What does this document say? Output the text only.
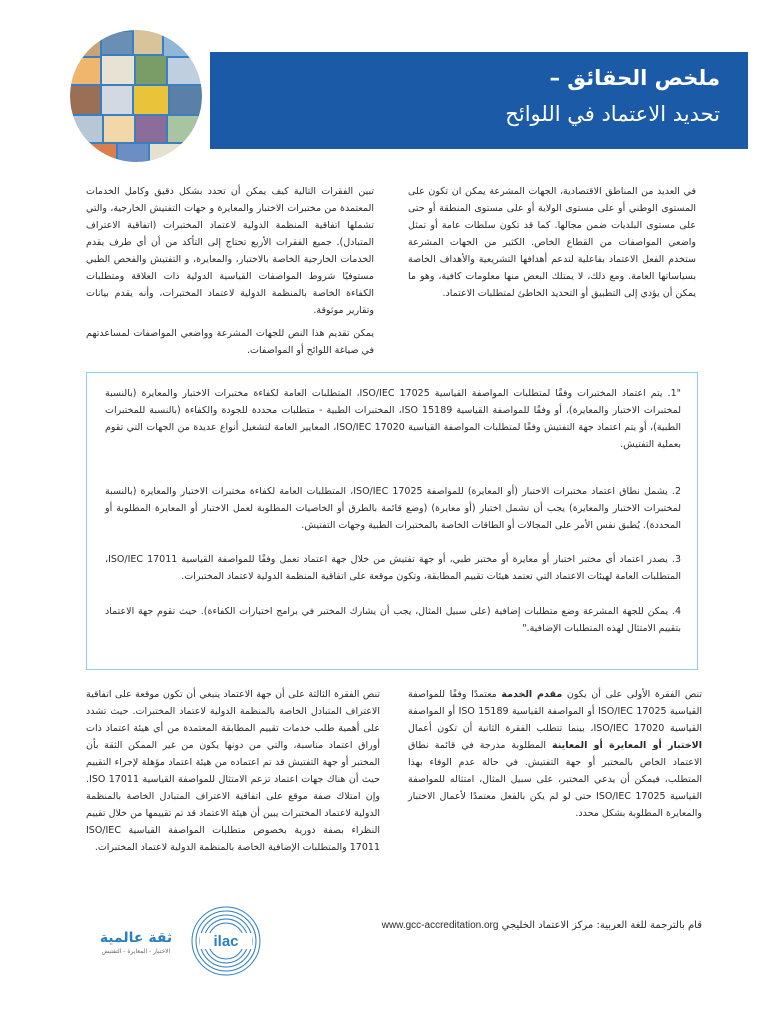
ملخص الحقائق –
تحديد الاعتماد في اللوائح

في العديد من المناطق الاقتصادية، الجهات المشرعة يمكن ان تكون على المستوى الوطني أو على مستوى الولاية أو على مستوى المنطقة أو حتى على مستوى البلديات ضمن مجالها. كما قد تكون سلطات عامة أو تمثل واضعي المواصفات من القطاع الخاص. الكثير من الجهات المشرعة ستخدم الفعل الاعتماد بفاعلية لتدعم أهدافها التشريعية والأهداف الخاصة بسياساتها العامة. ومع ذلك، لا يمتلك البعض منها معلومات كافية، وهو ما يمكن أن يؤدي إلى التطبيق أو التحديد الخاطئ لمتطلبات الاعتماد.

تبين الفقرات التالية كيف يمكن أن تحدد بشكل دقيق وكامل الخدمات المعتمدة من مختبرات الاختبار والمعايرة و جهات التفتيش الخارجية، والتي تشملها اتفاقية المنظمة الدولية لاعتماد المختبرات (اتفاقية الاعتراف المتبادل). جميع الفقرات الأربع تحتاج إلى التأكد من أن أي طرف يقدم الخدمات الخارجية الخاصة بالاختبار، والمعايرة، و التفتيش والفحص الطبي مستوفيًا شروط المواصفات القياسية الدولية ذات العلاقة ومتطلبات الكفاءة الخاصة بالمنظمة الدولية لاعتماد المختبرات، وأنه يقدم بيانات وتقارير موثوقة.

يمكن تقديم هذا النص للجهات المشرعة وواضعي المواصفات لمساعدتهم في صياغة اللوائح أو المواصفات.

"1. يتم اعتماد المختبرات وفقًا لمتطلبات المواصفة القياسية ISO/IEC 17025، المتطلبات العامة لكفاءة مختبرات الاختبار والمعايرة (بالنسبة لمختبرات الاختبار والمعايرة)، أو وفقًا للمواصفة القياسية ISO 15189، المختبرات الطبية - متطلبات محددة للجودة والكفاءة (بالنسبة للمختبرات الطبية)، أو يتم اعتماد جهة التفتيش وفقًا لمتطلبات المواصفة القياسية ISO/IEC 17020، المعايير العامة لتشغيل أنواع عديدة من الجهات التي تقوم بعملية التفتيش.
2. يشمل نطاق اعتماد مختبرات الاختبار (أو المعايرة) للمواصفة ISO/IEC 17025، المتطلبات العامة لكفاءة مختبرات الاختبار والمعايرة (بالنسبة لمختبرات الاختبار والمعايرة) يجب أن تشمل اختبار (أو معايرة) (وضع قائمة بالطرق أو الخاصيات المطلوبة لعمل الاختبار أو المعايرة المطلوبة أو المحددة). يُطبق نفس الأمر على المجالات أو الطاقات الخاصة بالمختبرات الطبية وجهات التفتيش.
3. يصدر اعتماد أي مختبر اختبار أو معايرة أو مختبر طبي، أو جهة تفتيش من خلال جهة اعتماد تعمل وفقًا للمواصفة القياسية ISO/IEC 17011، المتطلبات العامة لهيئات الاعتماد التي تعتمد هيئات تقييم المطابقة، وتكون موقعة على اتفاقية المنظمة الدولية لاعتماد المختبرات.
4. يمكن للجهة المشرعة وضع متطلبات إضافية (على سبيل المثال، يجب أن يشارك المختبر في برامج اختبارات الكفاءة). حيث تقوم جهة الاعتماد بتقييم الامتثال لهذه المتطلبات الإضافية."

تنص الفقرة الأولى على أن يكون مقدم الخدمة معتمدًا وفقًا للمواصفة القياسية ISO/IEC 17025 أو المواصفة القياسية ISO 15189 أو المواصفة القياسية ISO/IEC 17020، بينما تتطلب الفقرة الثانية أن تكون أعمال الاختبار أو المعايرة أو المعاينة المطلوبة مدرجة في قائمة نطاق الاعتماد الخاص بالمختبر أو جهة التفتيش. في حالة عدم الوفاء بهذا المتطلب، فيمكن أن يدعي المختبر، على سبيل المثال، امتثاله للمواصفة القياسية ISO/IEC 17025 حتى لو لم يكن بالفعل معتمدًا لأعمال الاختبار والمعايرة المطلوبة بشكل محدد.

تنص الفقرة الثالثة على أن جهة الاعتماد ينبغي أن تكون موقعة على اتفاقية الاعتراف المتبادل الخاصة بالمنظمة الدولية لاعتماد المختبرات. حيث تشدد على أهمية طلب خدمات تقييم المطابقة المعتمدة من أي هيئة اعتماد ذات أوراق اعتماد مناسبة، والتي من دونها يكون من غير الممكن الثقة بأن المختبر أو جهة التفتيش قد تم اعتماده من هيئة اعتماد مؤهلة لإجراء التقييم حيث أن هناك جهات اعتماد تزعم الامتثال للمواصفة القياسية ISO 17011. وإن امتلاك صفة موقع على اتفاقية الاعتراف المتبادل الخاصة بالمنظمة الدولية لاعتماد المختبرات يبين أن هيئة الاعتماد قد تم تقييمها من خلال تقييم النظراء بصفة دورية بخصوص متطلبات المواصفة القياسية ISO/IEC 17011 والمتطلبات الإضافية الخاصة بالمنظمة الدولية لاعتماد المختبرات.

قام بالترجمة للغة العربية: مركز الاعتماد الخليجي www.gcc-accreditation.org
ilac
ثقة عالمية
الاختبار - المعايرة - التفتيش
